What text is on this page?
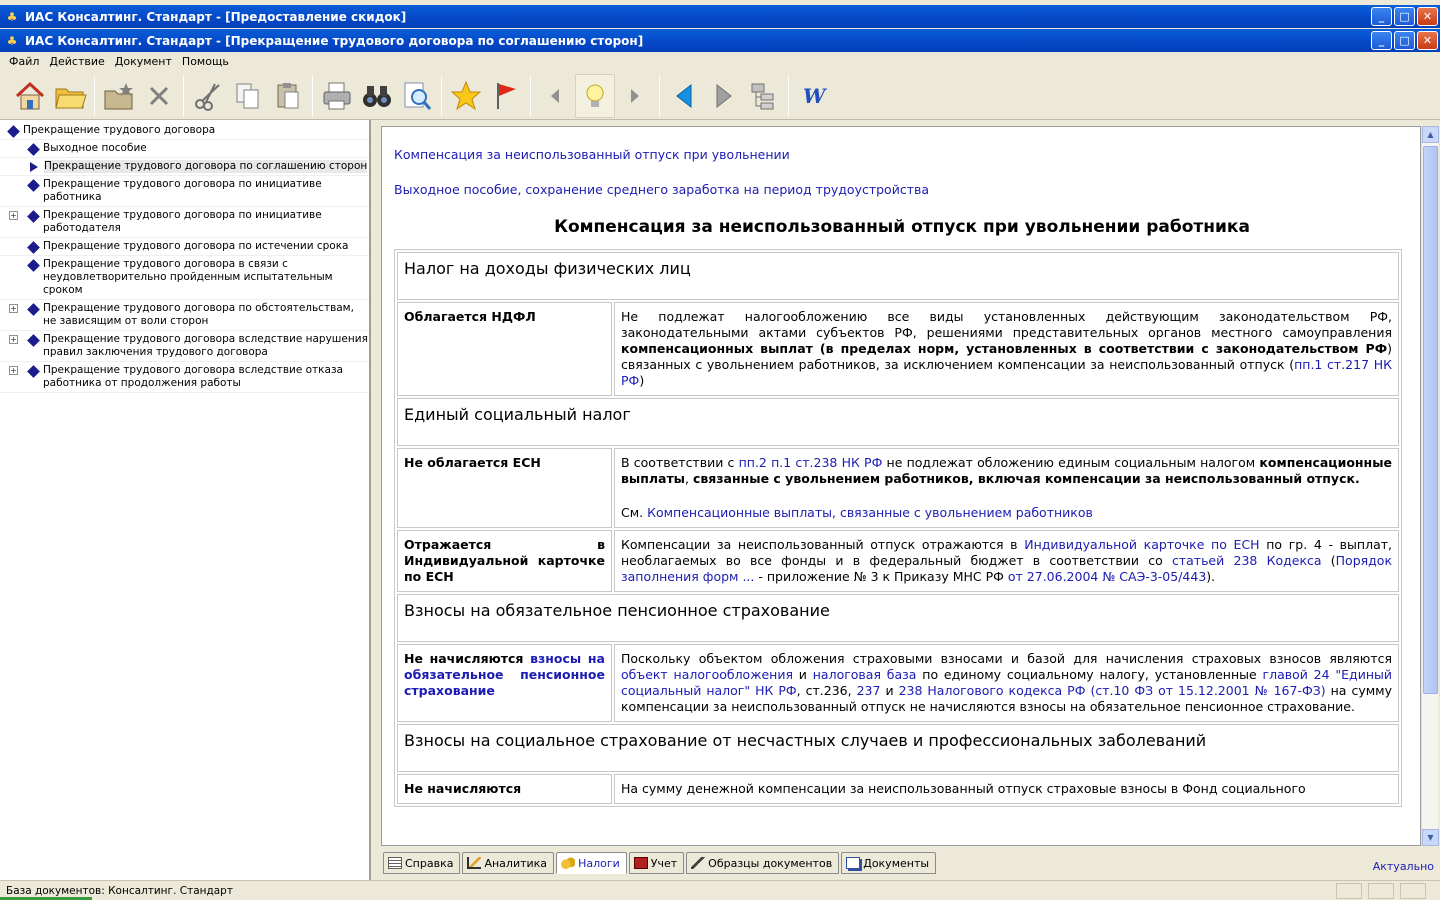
♣ ИАС Консалтинг. Стандарт - [Предоставление скидок]	_	□	✕
♣ ИАС Консалтинг. Стандарт - [Прекращение трудового договора по соглашению сторон]	_	□	✕
Файл Действие Документ Помощь
W
Прекращение трудового договора
Выходное пособие
Прекращение трудового договора по соглашению сторон
Прекращение трудового договора по инициативе работника
+ Прекращение трудового договора по инициативе работодателя
Прекращение трудового договора по истечении срока
Прекращение трудового договора в связи с неудовлетворительно пройденным испытательным сроком
+ Прекращение трудового договора по обстоятельствам, не зависящим от воли сторон
+ Прекращение трудового договора вследствие нарушения правил заключения трудового договора
+ Прекращение трудового договора вследствие отказа работника от продолжения работы
Компенсация за неиспользованный отпуск при увольнении
Выходное пособие, сохранение среднего заработка на период трудоустройства
Компенсация за неиспользованный отпуск при увольнении работника
Налог на доходы физических лиц	
Облагается НДФЛ	Не подлежат налогообложению все виды установленных действующим законодательством РФ, законодательными актами субъектов РФ, решениями представительных органов местного самоуправления компенсационных выплат (в пределах норм, установленных в соответствии с законодательством РФ) связанных с увольнением работников, за исключением компенсации за неиспользованный отпуск (пп.1 ст.217 НК РФ)
Единый социальный налог	
Не облагается ЕСН	В соответствии с пп.2 п.1 ст.238 НК РФ не подлежат обложению единым социальным налогом компенсационные выплаты, связанные с увольнением работников, включая компенсации за неиспользованный отпуск.
См. Компенсационные выплаты, связанные с увольнением работников
Отражается в Индивидуальной карточке по ЕСН	Компенсации за неиспользованный отпуск отражаются в Индивидуальной карточке по ЕСН по гр. 4 - выплат, необлагаемых во все фонды и в федеральный бюджет в соответствии со статьей 238 Кодекса (Порядок заполнения форм ... - приложение № 3 к Приказу МНС РФ от 27.06.2004 № САЭ-3-05/443).
Взносы на обязательное пенсионное страхование	
Не начисляются взносы на обязательное пенсионное страхование	Поскольку объектом обложения страховыми взносами и базой для начисления страховых взносов являются объект налогообложения и налоговая база по единому социальному налогу, установленные главой 24 "Единый социальный налог" НК РФ, ст.236, 237 и 238 Налогового кодекса РФ (ст.10 ФЗ от 15.12.2001 № 167-ФЗ) на сумму компенсации за неиспользованный отпуск не начисляются взносы на обязательное пенсионное страхование.
Взносы на социальное страхование от несчастных случаев и профессиональных заболеваний	
Не начисляются	На сумму денежной компенсации за неиспользованный отпуск страховые взносы в Фонд социального
▲
▼
Справка	Аналитика	Налоги	Учет	Образцы документов	Документы	Актуально
База документов: Консалтинг. Стандарт
